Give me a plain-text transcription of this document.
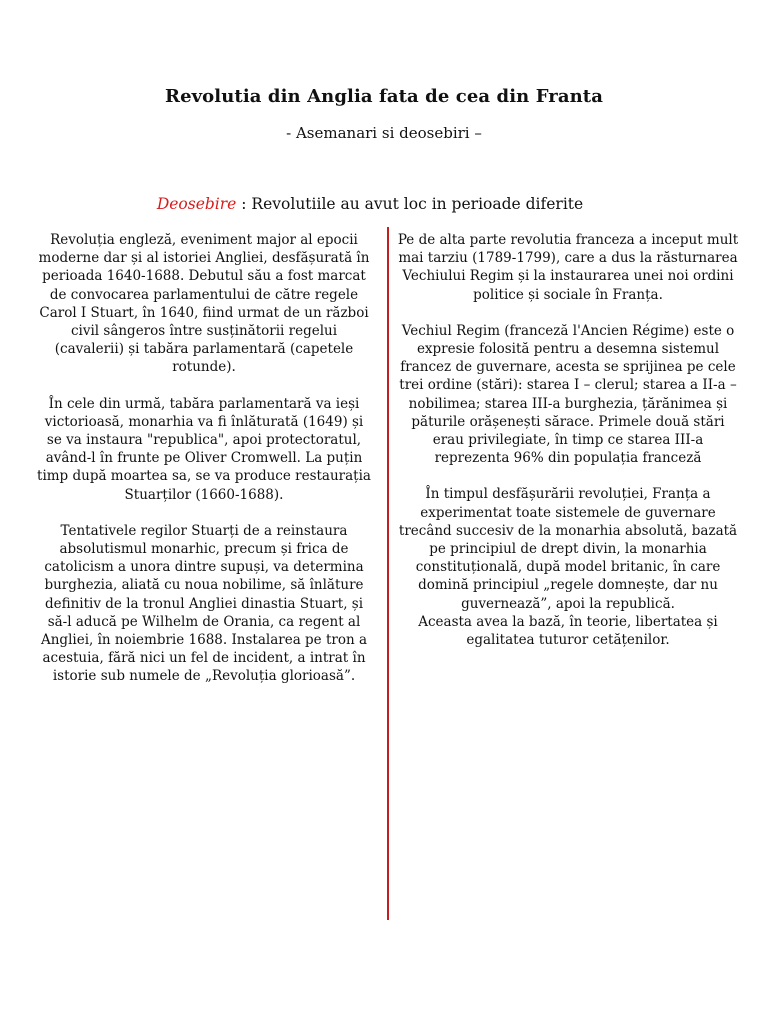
Revolutia din Anglia fata de cea din Franta
- Asemanari si deosebiri –
Deosebire : Revolutiile au avut loc in perioade diferite

Revoluția engleză, eveniment major al epocii moderne dar și al istoriei Angliei, desfășurată în perioada 1640-1688. Debutul său a fost marcat de convocarea parlamentului de către regele Carol I Stuart, în 1640, fiind urmat de un război civil sângeros între susținătorii regelui (cavalerii) și tabăra parlamentară (capetele rotunde).

În cele din urmă, tabăra parlamentară va ieși victorioasă, monarhia va fi înlăturată (1649) și se va instaura "republica", apoi protectoratul, având-l în frunte pe Oliver Cromwell. La puțin timp după moartea sa, se va produce restaurația Stuarților (1660-1688).

Tentativele regilor Stuarți de a reinstaura absolutismul monarhic, precum și frica de catolicism a unora dintre supuși, va determina burghezia, aliată cu noua nobilime, să înlăture definitiv de la tronul Angliei dinastia Stuart, și să-l aducă pe Wilhelm de Orania, ca regent al Angliei, în noiembrie 1688. Instalarea pe tron a acestuia, fără nici un fel de incident, a intrat în istorie sub numele de „Revoluția glorioasă”.

Pe de alta parte revolutia franceza a inceput mult mai tarziu (1789-1799), care a dus la răsturnarea Vechiului Regim și la instaurarea unei noi ordini politice și sociale în Franța.

Vechiul Regim (franceză l'Ancien Régime) este o expresie folosită pentru a desemna sistemul francez de guvernare, acesta se sprijinea pe cele trei ordine (stări): starea I – clerul; starea a II-a – nobilimea; starea III-a burghezia, țărănimea și păturile orășenești sărace. Primele două stări erau privilegiate, în timp ce starea III-a reprezenta 96% din populația franceză

În timpul desfășurării revoluției, Franța a experimentat toate sistemele de guvernare trecând succesiv de la monarhia absolută, bazată pe principiul de drept divin, la monarhia constituțională, după model britanic, în care domină principiul „regele domnește, dar nu guvernează”, apoi la republică.

Aceasta avea la bază, în teorie, libertatea și egalitatea tuturor cetățenilor.
